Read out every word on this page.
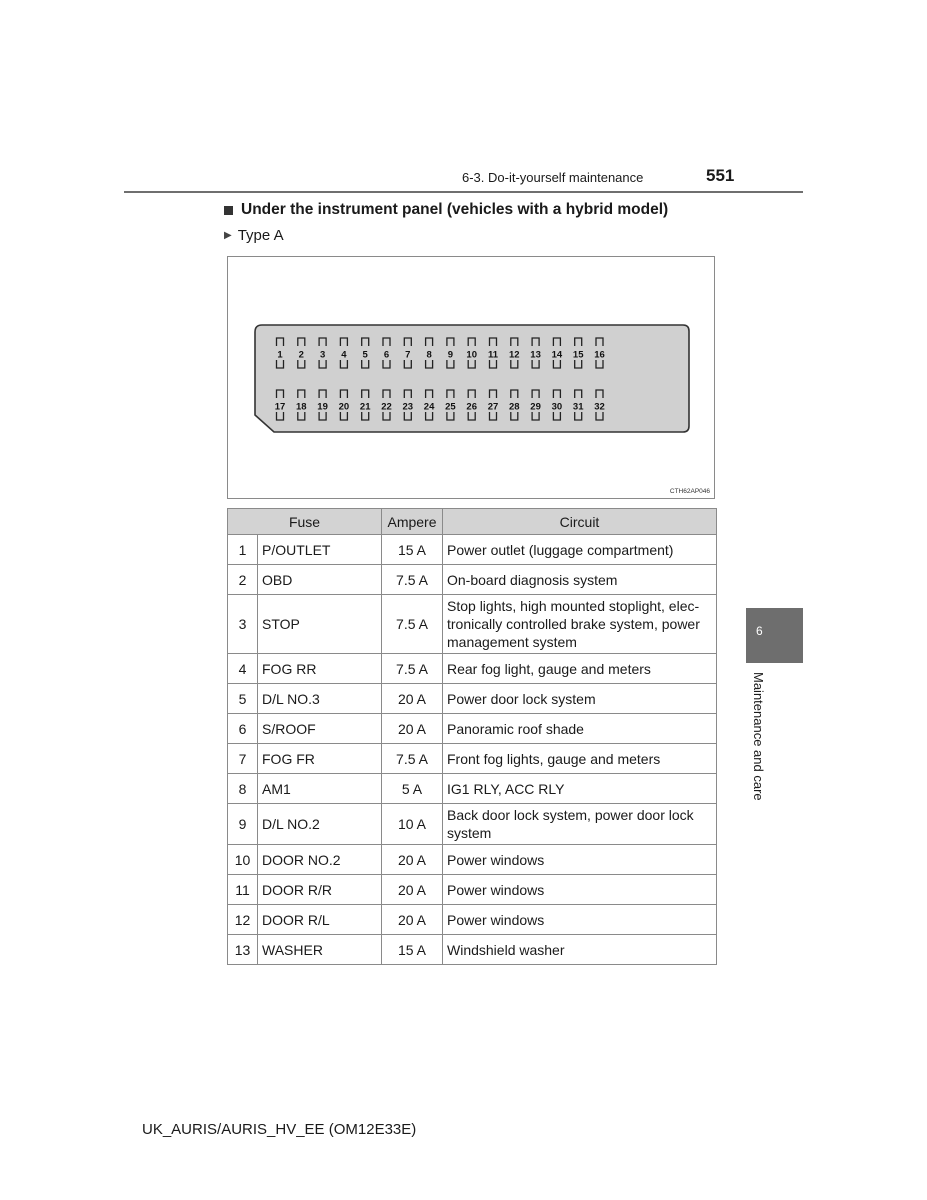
6-3. Do-it-yourself maintenance	551
Under the instrument panel (vehicles with a hybrid model)
▶ Type A
1 2 3 4 5 6 7 8 9 10 11 12 13 14 15 16
17 18 19 20 21 22 23 24 25 26 27 28 29 30 31 32
CTH62AP046
Fuse		Ampere	Circuit
1	P/OUTLET	15 A	Power outlet (luggage compartment)
2	OBD	7.5 A	On-board diagnosis system
3	STOP	7.5 A	Stop lights, high mounted stoplight, elec-tronically controlled brake system, power management system
4	FOG RR	7.5 A	Rear fog light, gauge and meters
5	D/L NO.3	20 A	Power door lock system
6	S/ROOF	20 A	Panoramic roof shade
7	FOG FR	7.5 A	Front fog lights, gauge and meters
8	AM1	5 A	IG1 RLY, ACC RLY
9	D/L NO.2	10 A	Back door lock system, power door lock system
10	DOOR NO.2	20 A	Power windows
11	DOOR R/R	20 A	Power windows
12	DOOR R/L	20 A	Power windows
13	WASHER	15 A	Windshield washer
6
Maintenance and care
UK_AURIS/AURIS_HV_EE (OM12E33E)
